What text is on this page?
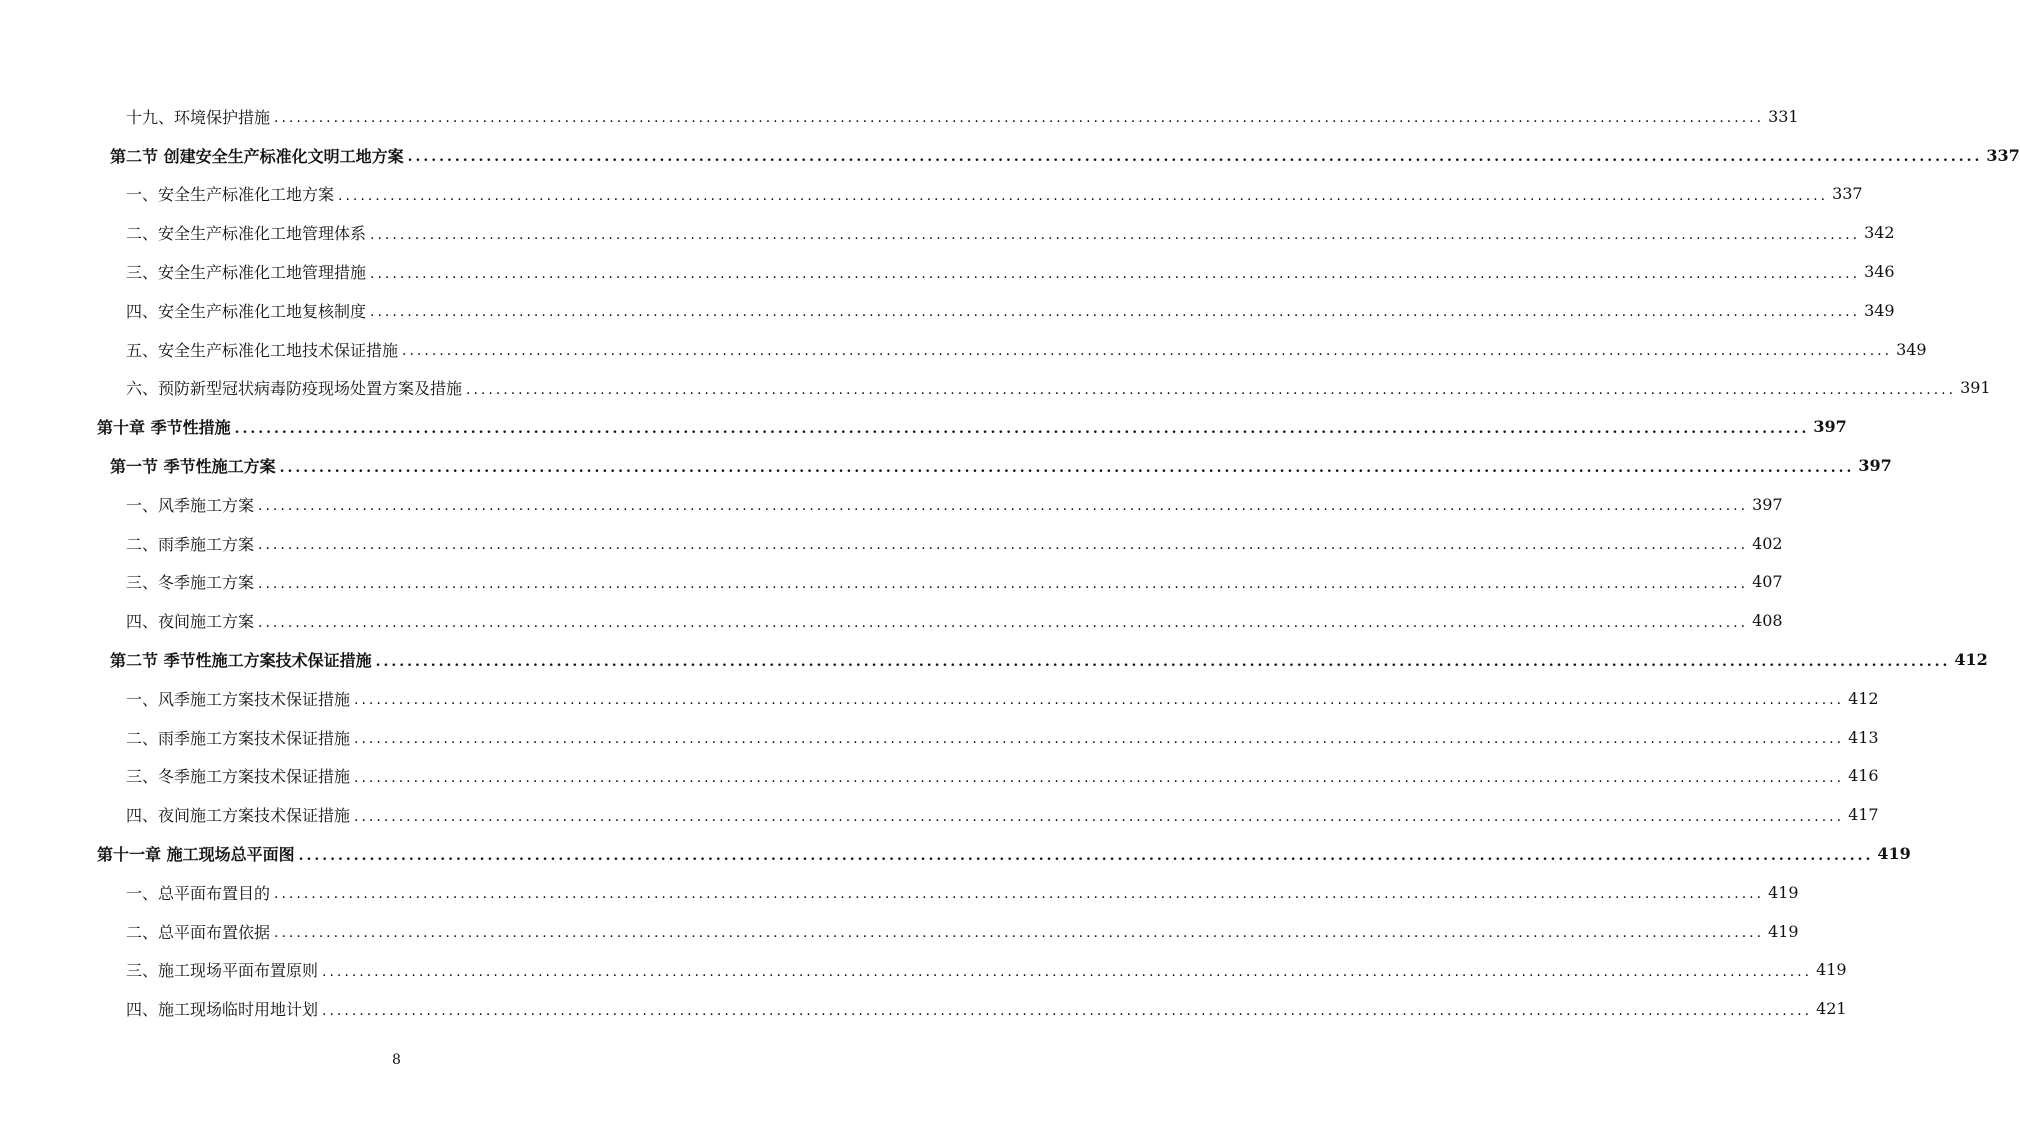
十九、环境保护措施 ........................................................................................................................................................................................................ 331
第二节 创建安全生产标准化文明工地方案 ........................................................................................................................................................................................................ 337
一、安全生产标准化工地方案 ........................................................................................................................................................................................................ 337
二、安全生产标准化工地管理体系 ........................................................................................................................................................................................................ 342
三、安全生产标准化工地管理措施 ........................................................................................................................................................................................................ 346
四、安全生产标准化工地复核制度 ........................................................................................................................................................................................................ 349
五、安全生产标准化工地技术保证措施 ........................................................................................................................................................................................................ 349
六、预防新型冠状病毒防疫现场处置方案及措施 ........................................................................................................................................................................................................ 391
第十章 季节性措施 ........................................................................................................................................................................................................ 397
第一节 季节性施工方案 ........................................................................................................................................................................................................ 397
一、风季施工方案 ........................................................................................................................................................................................................ 397
二、雨季施工方案 ........................................................................................................................................................................................................ 402
三、冬季施工方案 ........................................................................................................................................................................................................ 407
四、夜间施工方案 ........................................................................................................................................................................................................ 408
第二节 季节性施工方案技术保证措施 ........................................................................................................................................................................................................ 412
一、风季施工方案技术保证措施 ........................................................................................................................................................................................................ 412
二、雨季施工方案技术保证措施 ........................................................................................................................................................................................................ 413
三、冬季施工方案技术保证措施 ........................................................................................................................................................................................................ 416
四、夜间施工方案技术保证措施 ........................................................................................................................................................................................................ 417
第十一章 施工现场总平面图 ........................................................................................................................................................................................................ 419
一、总平面布置目的 ........................................................................................................................................................................................................ 419
二、总平面布置依据 ........................................................................................................................................................................................................ 419
三、施工现场平面布置原则 ........................................................................................................................................................................................................ 419
四、施工现场临时用地计划 ........................................................................................................................................................................................................ 421
8
